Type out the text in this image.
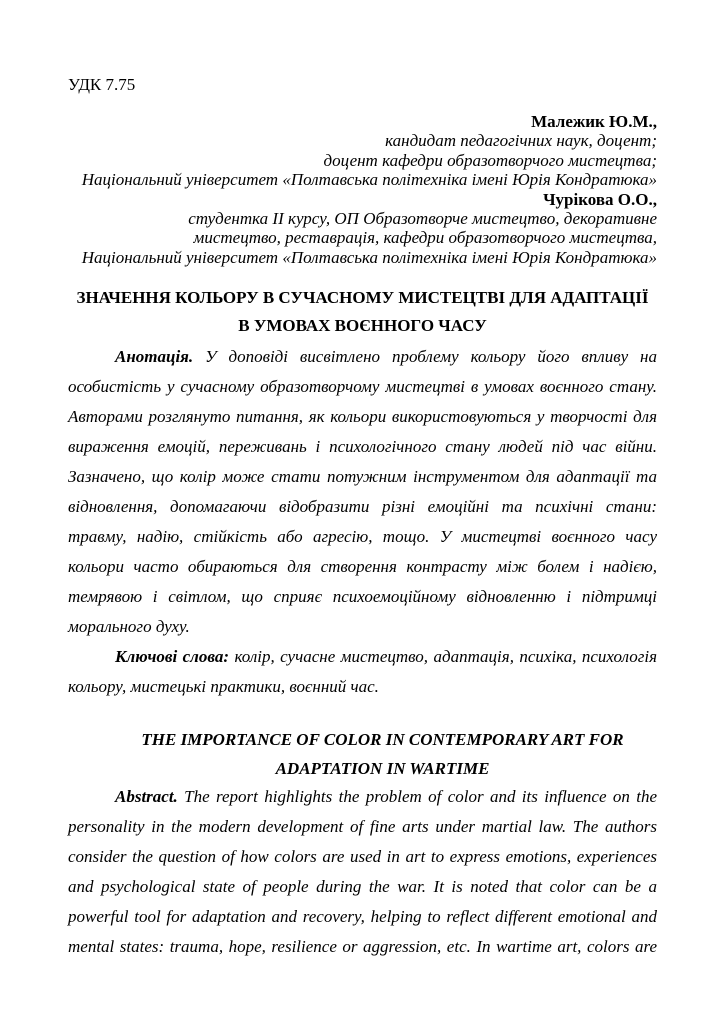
УДК 7.75
Малежик Ю.М.,
кандидат педагогічних наук, доцент;
доцент кафедри образотворчого мистецтва;
Національний університет «Полтавська політехніка імені Юрія Кондратюка»
Чурікова О.О.,
студентка ІІ курсу, ОП Образотворче мистецтво, декоративне
мистецтво, реставрація, кафедри образотворчого мистецтва,
Національний університет «Полтавська політехніка імені Юрія Кондратюка»
ЗНАЧЕННЯ КОЛЬОРУ В СУЧАСНОМУ МИСТЕЦТВІ ДЛЯ АДАПТАЦІЇ
В УМОВАХ ВОЄННОГО ЧАСУ
Анотація. У доповіді висвітлено проблему кольору його впливу на
особистість у сучасному образотворчому мистецтві в умовах воєнного стану.
Авторами розглянуто питання, як кольори використовуються у творчості для
вираження емоцій, переживань і психологічного стану людей під час війни.
Зазначено, що колір може стати потужним інструментом для адаптації та
відновлення, допомагаючи відобразити різні емоційні та психічні стани:
травму, надію, стійкість або агресію, тощо. У мистецтві воєнного часу
кольори часто обираються для створення контрасту між болем і надією,
темрявою і світлом, що сприяє психоемоційному відновленню і підтримці
морального духу.
Ключові слова: колір, сучасне мистецтво, адаптація, психіка, психологія
кольору, мистецькі практики, воєнний час.
THE IMPORTANCE OF COLOR IN CONTEMPORARY ART FOR
ADAPTATION IN WARTIME
Abstract. The report highlights the problem of color and its influence on the
personality in the modern development of fine arts under martial law. The authors
consider the question of how colors are used in art to express emotions, experiences
and psychological state of people during the war. It is noted that color can be a
powerful tool for adaptation and recovery, helping to reflect different emotional and
mental states: trauma, hope, resilience or aggression, etc. In wartime art, colors are
